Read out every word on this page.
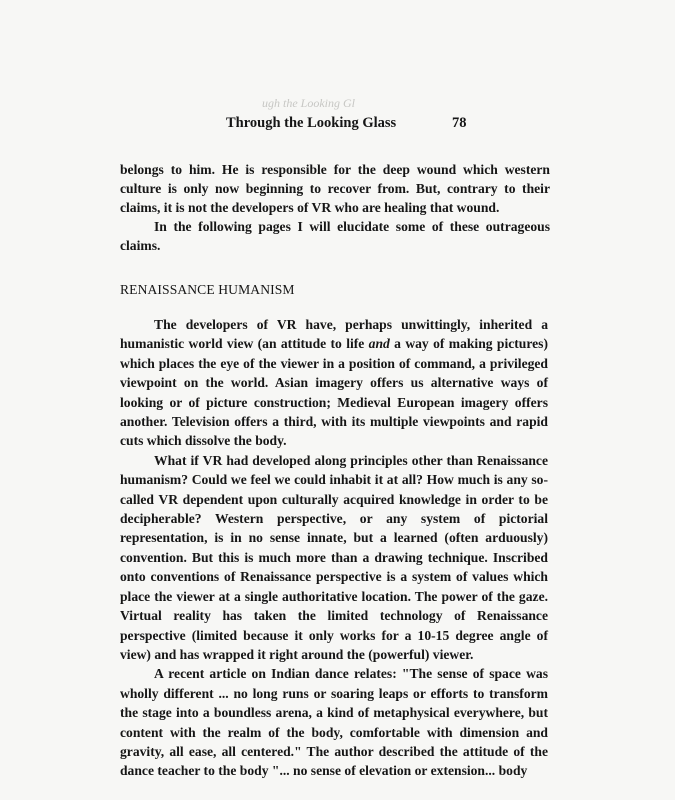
ugh the Looking Gl
Through the Looking Glass	78

belongs to him. He is responsible for the deep wound which western culture is only now beginning to recover from. But, contrary to their claims, it is not the developers of VR who are healing that wound.

In the following pages I will elucidate some of these outrageous claims.

RENAISSANCE HUMANISM

The developers of VR have, perhaps unwittingly, inherited a humanistic world view (an attitude to life and a way of making pictures) which places the eye of the viewer in a position of command, a privileged viewpoint on the world. Asian imagery offers us alternative ways of looking or of picture construction; Medieval European imagery offers another. Television offers a third, with its multiple viewpoints and rapid cuts which dissolve the body.

What if VR had developed along principles other than Renaissance humanism? Could we feel we could inhabit it at all? How much is any so-called VR dependent upon culturally acquired knowledge in order to be decipherable? Western perspective, or any system of pictorial representation, is in no sense innate, but a learned (often arduously) convention. But this is much more than a drawing technique. Inscribed onto conventions of Renaissance perspective is a system of values which place the viewer at a single authoritative location. The power of the gaze. Virtual reality has taken the limited technology of Renaissance perspective (limited because it only works for a 10-15 degree angle of view) and has wrapped it right around the (powerful) viewer.

A recent article on Indian dance relates: "The sense of space was wholly different ... no long runs or soaring leaps or efforts to transform the stage into a boundless arena, a kind of metaphysical everywhere, but content with the realm of the body, comfortable with dimension and gravity, all ease, all centered." The author described the attitude of the dance teacher to the body "... no sense of elevation or extension... body
